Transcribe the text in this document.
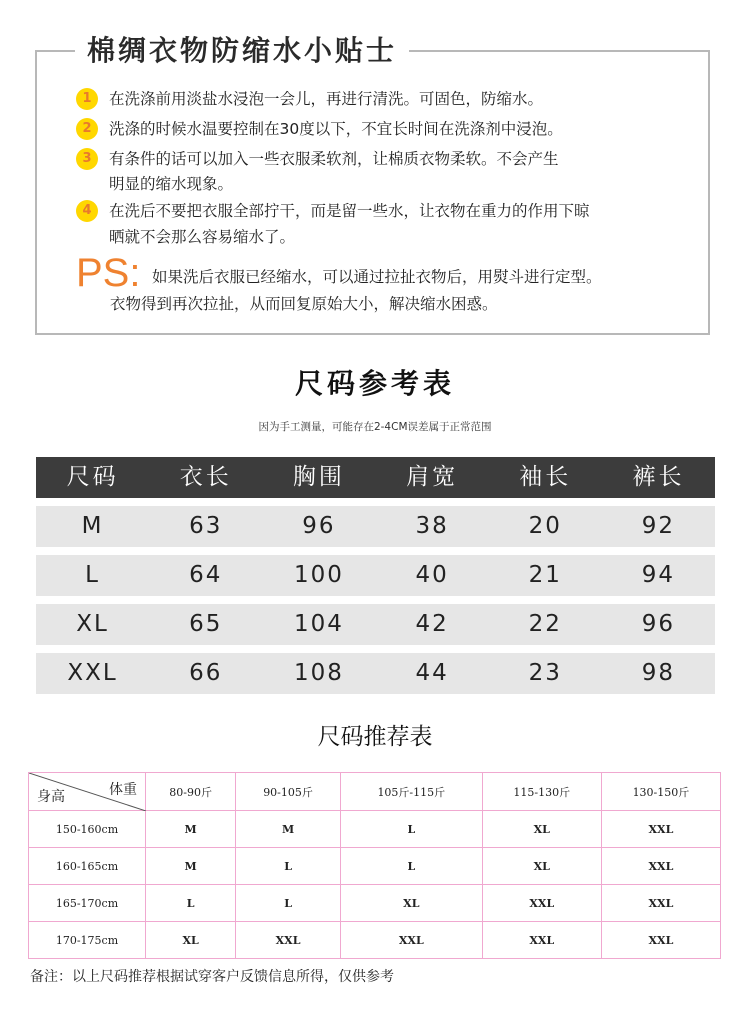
棉绸衣物防缩水小贴士
1	在洗涤前用淡盐水浸泡一会儿，再进行清洗。可固色，防缩水。
2	洗涤的时候水温要控制在30度以下，不宜长时间在洗涤剂中浸泡。
3	有条件的话可以加入一些衣服柔软剂，让棉质衣物柔软。不会产生
明显的缩水现象。
4	在洗后不要把衣服全部拧干，而是留一些水，让衣物在重力的作用下晾
晒就不会那么容易缩水了。
PS: 如果洗后衣服已经缩水，可以通过拉扯衣物后，用熨斗进行定型。
衣物得到再次拉扯，从而回复原始大小，解决缩水困惑。
尺码参考表
因为手工测量，可能存在2-4CM误差属于正常范围
尺码	衣长	胸围	肩宽	袖长	裤长
M	63	96	38	20	92
L	64	100	40	21	94
XL	65	104	42	22	96
XXL	66	108	44	23	98
尺码推荐表
体重
身高	80-90斤	90-105斤	105斤-115斤	115-130斤	130-150斤
150-160cm	M	M	L	XL	XXL
160-165cm	M	L	L	XL	XXL
165-170cm	L	L	XL	XXL	XXL
170-175cm	XL	XXL	XXL	XXL	XXL
备注：以上尺码推荐根据试穿客户反馈信息所得，仅供参考
